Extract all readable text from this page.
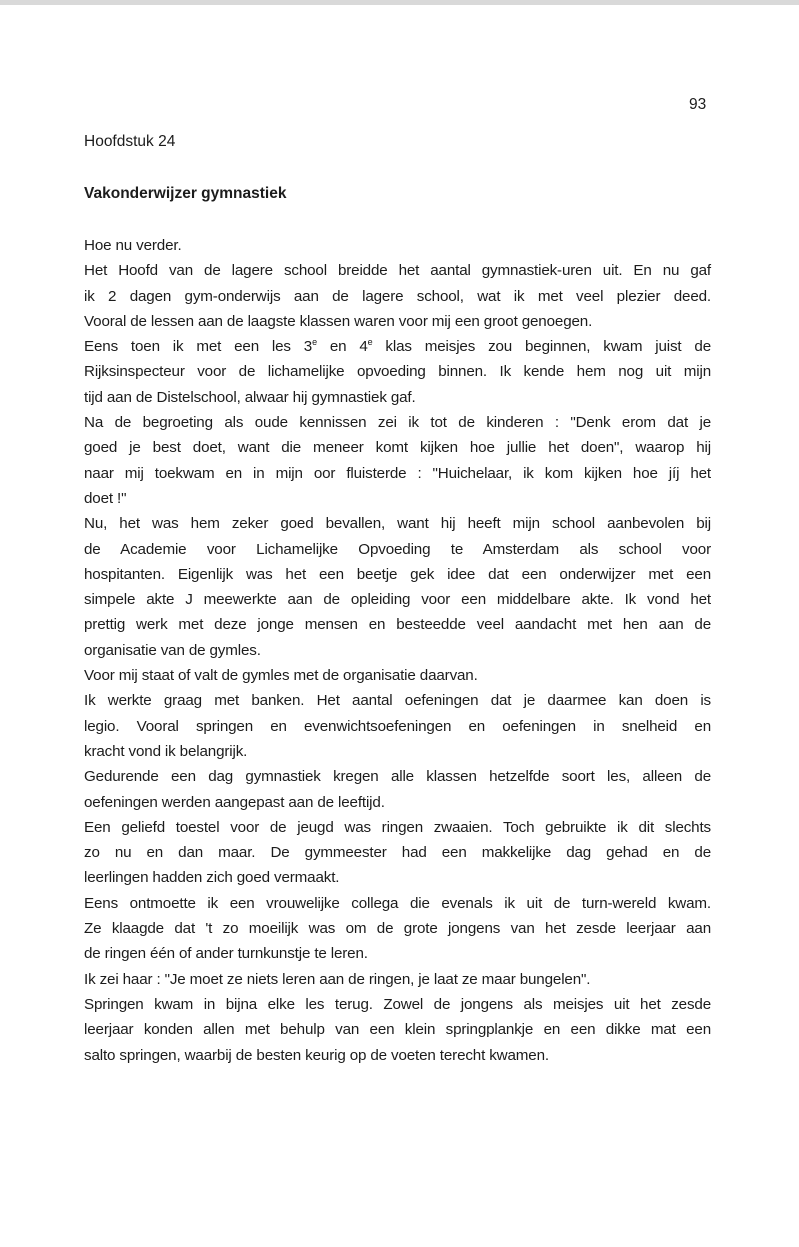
93
Hoofdstuk 24
Vakonderwijzer gymnastiek
Hoe nu verder.
Het Hoofd van de lagere school breidde het aantal gymnastiek-uren uit. En nu gaf
ik 2 dagen gym-onderwijs aan de lagere school, wat ik met veel plezier deed.
Vooral de lessen aan de laagste klassen waren voor mij een groot genoegen.
Eens toen ik met een les 3e en 4e klas meisjes zou beginnen, kwam juist de
Rijksinspecteur voor de lichamelijke opvoeding binnen. Ik kende hem nog uit mijn
tijd aan de Distelschool, alwaar hij gymnastiek gaf.
Na de begroeting als oude kennissen zei ik tot de kinderen : "Denk erom dat je
goed je best doet, want die meneer komt kijken hoe jullie het doen", waarop hij
naar mij toekwam en in mijn oor fluisterde : "Huichelaar, ik kom kijken hoe jíj het
doet !"
Nu, het was hem zeker goed bevallen, want hij heeft mijn school aanbevolen bij
de Academie voor Lichamelijke Opvoeding te Amsterdam als school voor
hospitanten. Eigenlijk was het een beetje gek idee dat een onderwijzer met een
simpele akte J meewerkte aan de opleiding voor een middelbare akte. Ik vond het
prettig werk met deze jonge mensen en besteedde veel aandacht met hen aan de
organisatie van de gymles.
Voor mij staat of valt de gymles met de organisatie daarvan.
Ik werkte graag met banken. Het aantal oefeningen dat je daarmee kan doen is
legio. Vooral springen en evenwichtsoefeningen en oefeningen in snelheid en
kracht vond ik belangrijk.
Gedurende een dag gymnastiek kregen alle klassen hetzelfde soort les, alleen de
oefeningen werden aangepast aan de leeftijd.
Een geliefd toestel voor de jeugd was ringen zwaaien. Toch gebruikte ik dit slechts
zo nu en dan maar. De gymmeester had een makkelijke dag gehad en de
leerlingen hadden zich goed vermaakt.
Eens ontmoette ik een vrouwelijke collega die evenals ik uit de turn-wereld kwam.
Ze klaagde dat 't zo moeilijk was om de grote jongens van het zesde leerjaar aan
de ringen één of ander turnkunstje te leren.
Ik zei haar : "Je moet ze niets leren aan de ringen, je laat ze maar bungelen".
Springen kwam in bijna elke les terug. Zowel de jongens als meisjes uit het zesde
leerjaar konden allen met behulp van een klein springplankje en een dikke mat een
salto springen, waarbij de besten keurig op de voeten terecht kwamen.
